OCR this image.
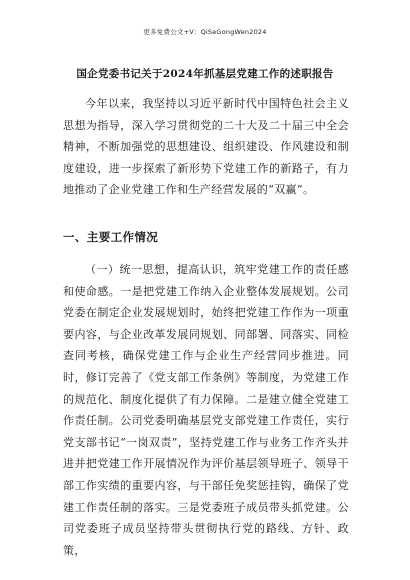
更多免费公文+V：QiSeGongWen2024
国企党委书记关于2024年抓基层党建工作的述职报告

今年以来，我坚持以习近平新时代中国特色社会主义思想为指导，深入学习贯彻党的二十大及二十届三中全会精神，不断加强党的思想建设、组织建设、作风建设和制度建设，进一步探索了新形势下党建工作的新路子，有力地推动了企业党建工作和生产经营发展的“双赢”。

一、主要工作情况

（一）统一思想，提高认识，筑牢党建工作的责任感和使命感。一是把党建工作纳入企业整体发展规划。公司党委在制定企业发展规划时，始终把党建工作作为一项重要内容，与企业改革发展同规划、同部署、同落实、同检查同考核，确保党建工作与企业生产经营同步推进。同时，修订完善了《党支部工作条例》等制度，为党建工作的规范化、制度化提供了有力保障。二是建立健全党建工作责任制。公司党委明确基层党支部党建工作责任，实行党支部书记“一岗双责”，坚持党建工作与业务工作齐头并进并把党建工作开展情况作为评价基层领导班子、领导干部工作实绩的重要内容，与干部任免奖惩挂钩，确保了党建工作责任制的落实。三是党委班子成员带头抓党建。公司党委班子成员坚持带头贯彻执行党的路线、方针、政策，
